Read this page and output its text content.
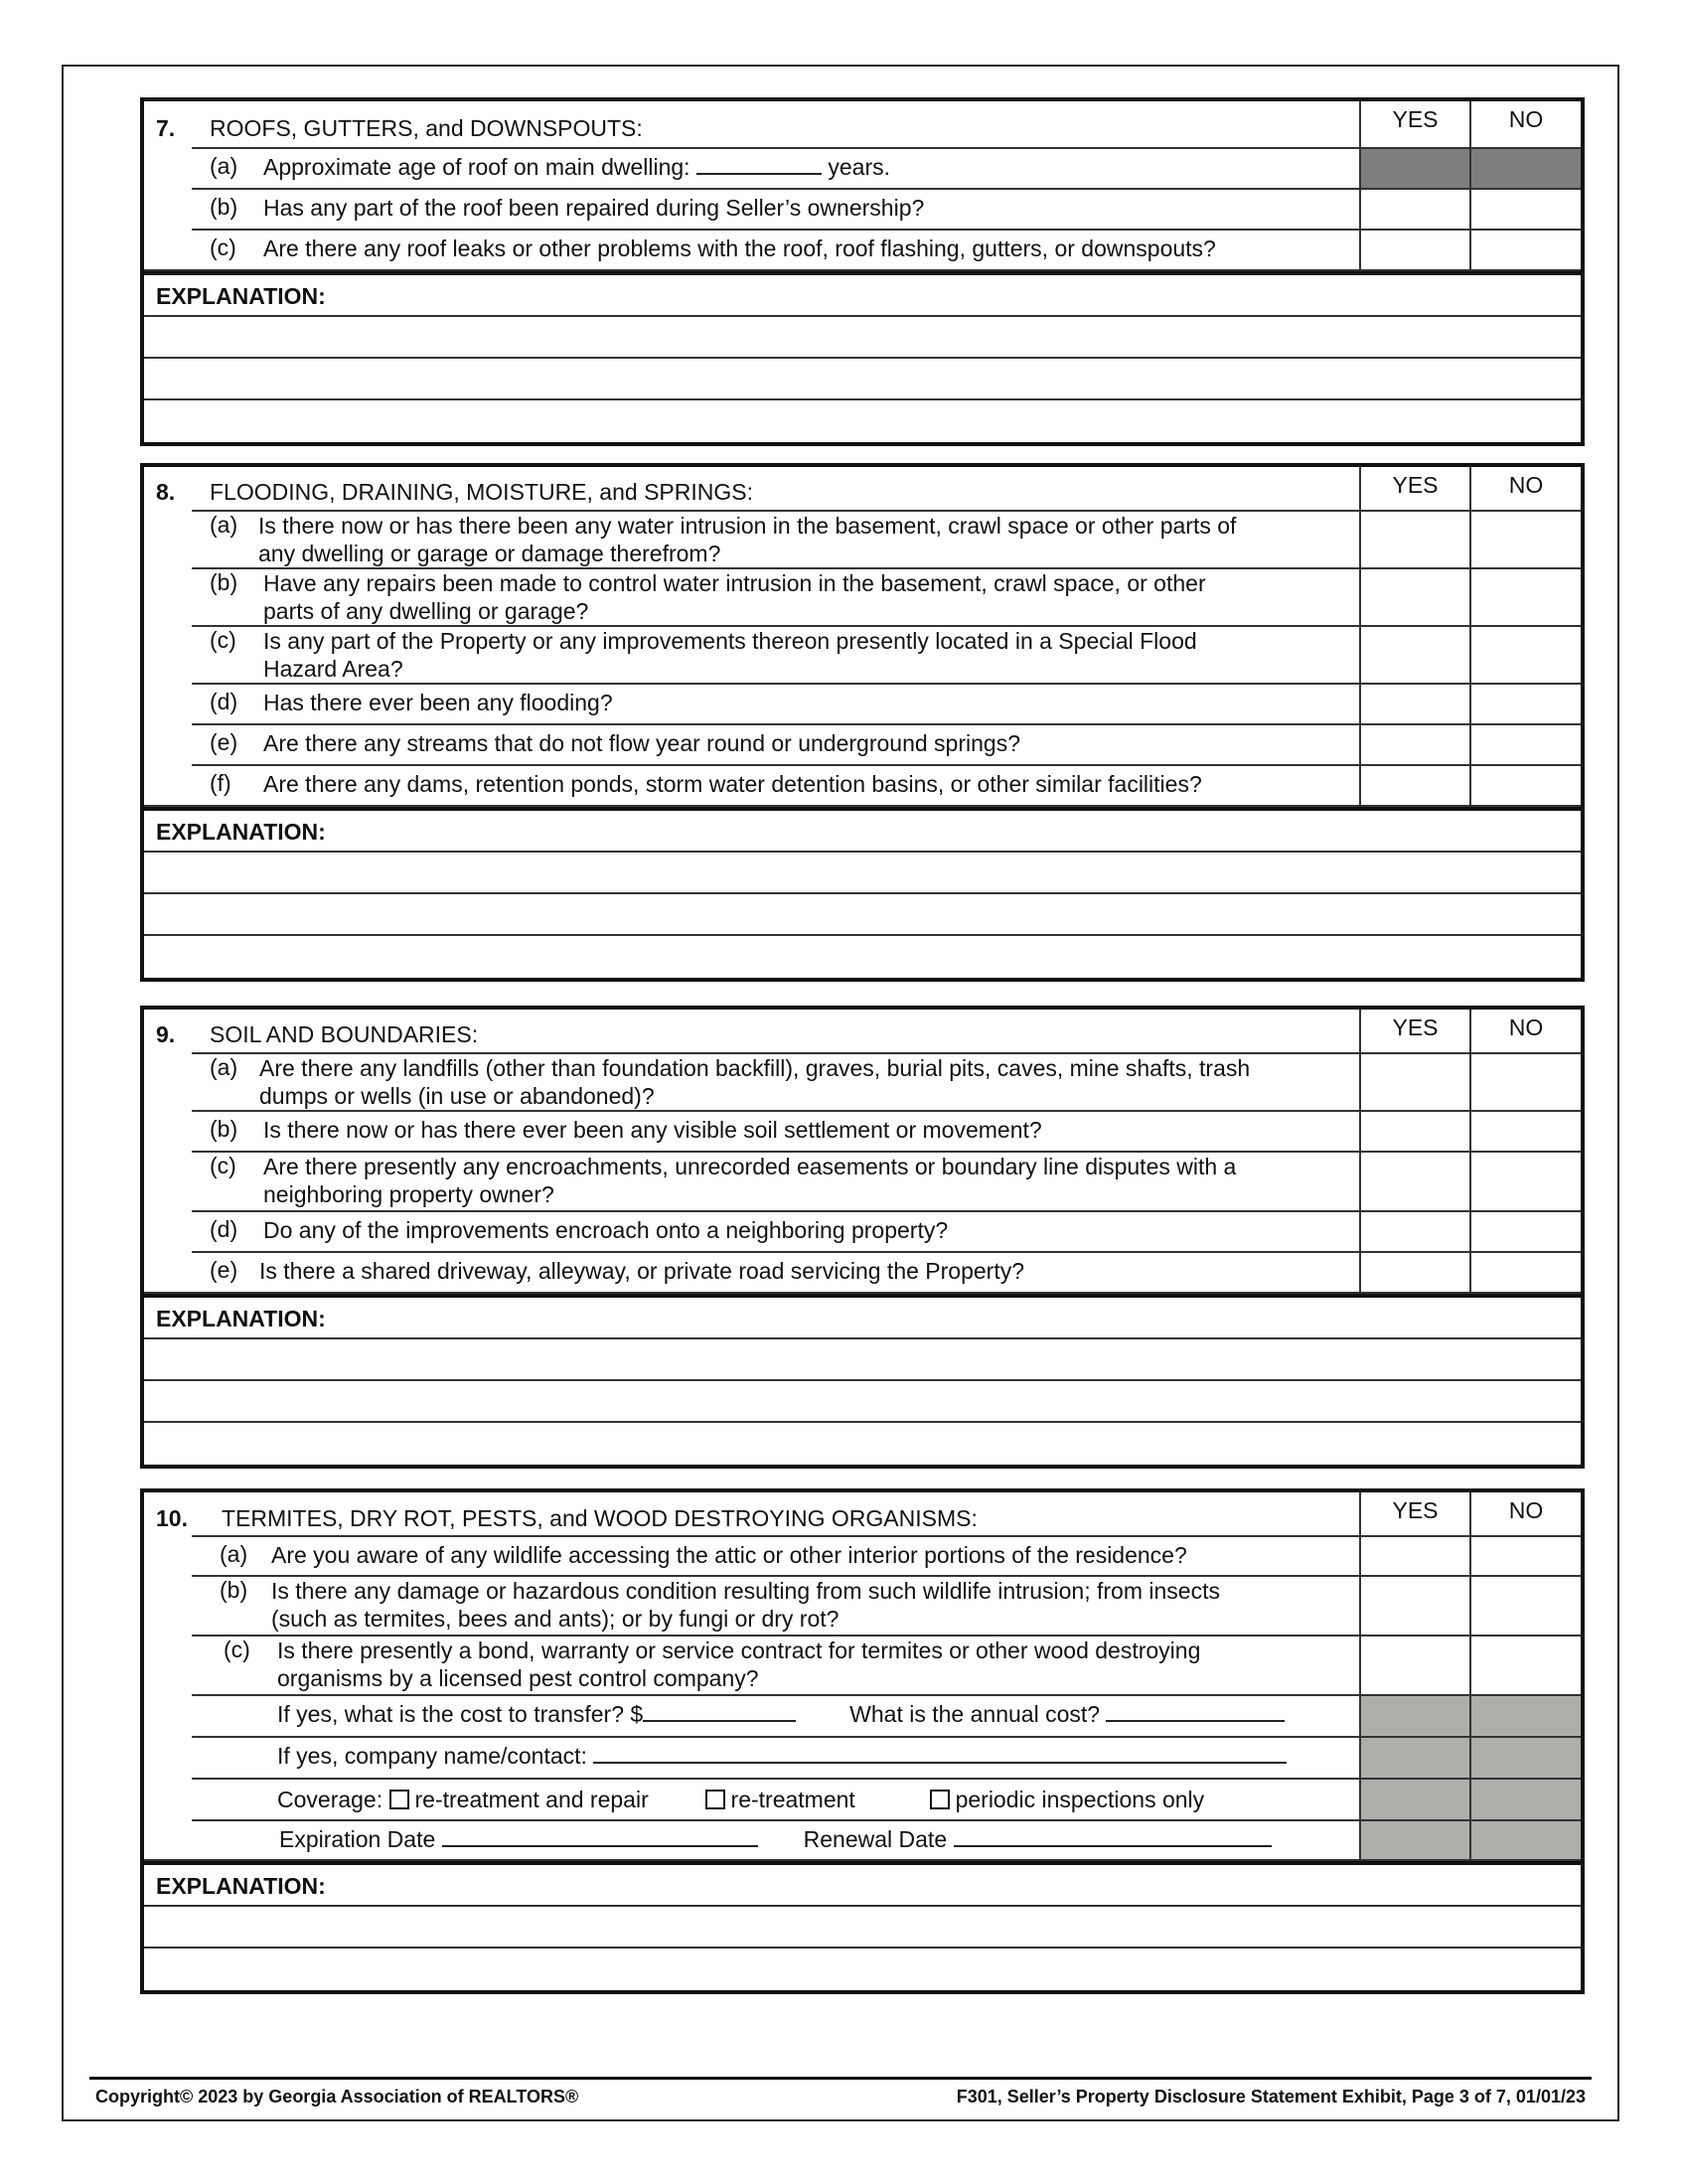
7. ROOFS, GUTTERS, and DOWNSPOUTS:	YES	NO
(a) Approximate age of roof on main dwelling:	years.
(b) Has any part of the roof been repaired during Seller’s ownership?
(c) Are there any roof leaks or other problems with the roof, roof flashing, gutters, or downspouts?
EXPLANATION:
8. FLOODING, DRAINING, MOISTURE, and SPRINGS:	YES	NO
(a) Is there now or has there been any water intrusion in the basement, crawl space or other parts of
any dwelling or garage or damage therefrom?
(b) Have any repairs been made to control water intrusion in the basement, crawl space, or other
parts of any dwelling or garage?
(c) Is any part of the Property or any improvements thereon presently located in a Special Flood
Hazard Area?
(d) Has there ever been any flooding?
(e) Are there any streams that do not flow year round or underground springs?
(f) Are there any dams, retention ponds, storm water detention basins, or other similar facilities?
EXPLANATION:
9. SOIL AND BOUNDARIES:	YES	NO
(a) Are there any landfills (other than foundation backfill), graves, burial pits, caves, mine shafts, trash
dumps or wells (in use or abandoned)?
(b) Is there now or has there ever been any visible soil settlement or movement?
(c) Are there presently any encroachments, unrecorded easements or boundary line disputes with a
neighboring property owner?
(d) Do any of the improvements encroach onto a neighboring property?
(e) Is there a shared driveway, alleyway, or private road servicing the Property?
EXPLANATION:
10. TERMITES, DRY ROT, PESTS, and WOOD DESTROYING ORGANISMS:	YES	NO
(a) Are you aware of any wildlife accessing the attic or other interior portions of the residence?
(b) Is there any damage or hazardous condition resulting from such wildlife intrusion; from insects
(such as termites, bees and ants); or by fungi or dry rot?
(c) Is there presently a bond, warranty or service contract for termites or other wood destroying
organisms by a licensed pest control company?
If yes, what is the cost to transfer? $	What is the annual cost?
If yes, company name/contact:
Coverage: re-treatment and repair	re-treatment	periodic inspections only
Expiration Date	Renewal Date
EXPLANATION:
Copyright© 2023 by Georgia Association of REALTORS®	F301, Seller’s Property Disclosure Statement Exhibit, Page 3 of 7, 01/01/23
